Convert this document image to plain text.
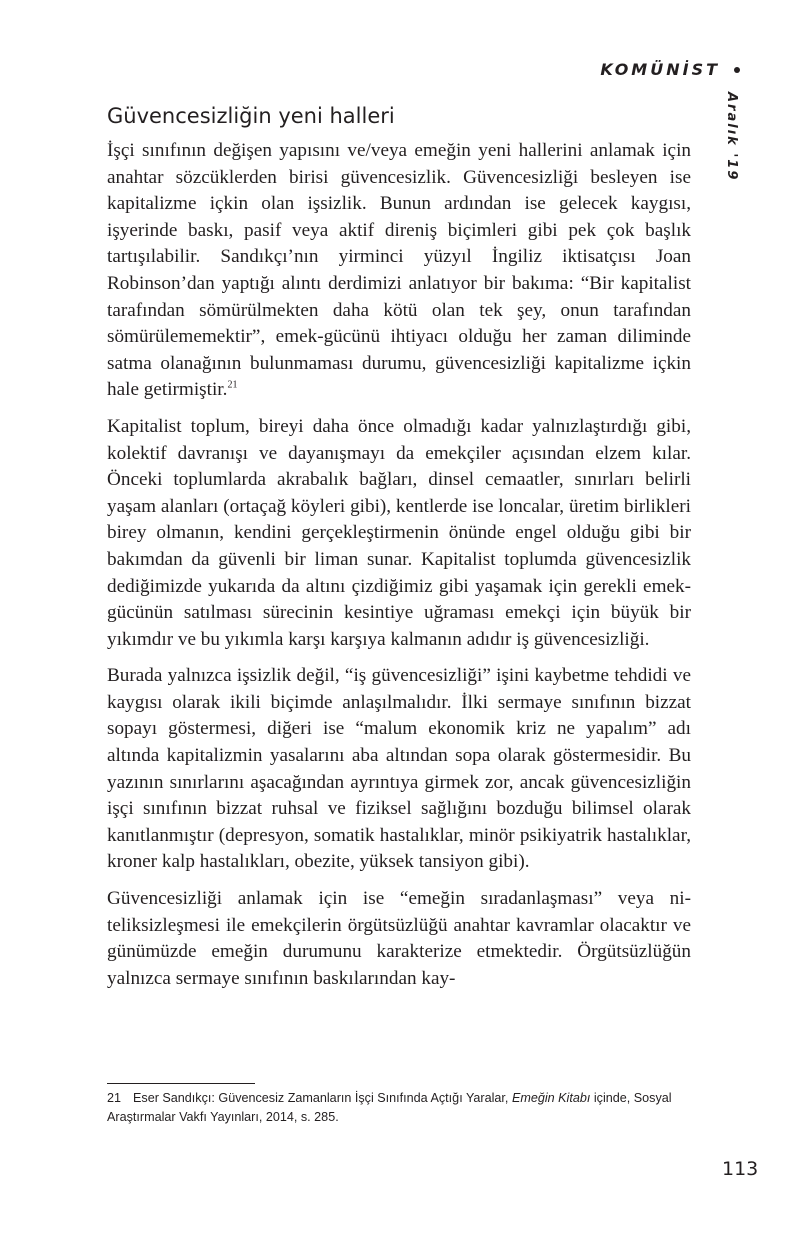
KOMÜNİST
Aralık '19
Güvencesizliğin yeni halleri

İşçi sınıfının değişen yapısını ve/veya emeğin yeni hallerini anlamak için anahtar sözcüklerden birisi güvencesizlik. Güvencesizliği besleyen ise kapitalizme içkin olan işsizlik. Bunun ardından ise gelecek kaygısı, işyerinde baskı, pasif veya aktif direniş biçimleri gibi pek çok başlık tartışılabilir. Sandıkçı’nın yirminci yüzyıl İngiliz iktisatçısı Joan Robinson’dan yaptığı alıntı derdimizi anlatıyor bir bakıma: “Bir kapitalist tarafından sömürülmekten daha kötü olan tek şey, onun tarafından sömürülememektir”, emek-gücünü ihtiyacı olduğu her zaman diliminde satma olanağının bulunmaması durumu, güvencesizliği kapitalizme içkin hale getirmiştir.$^{21}$

Kapitalist toplum, bireyi daha önce olmadığı kadar yalnızlaştırdığı gibi, kolektif davranışı ve dayanışmayı da emekçiler açısından elzem kılar. Önceki toplumlarda akrabalık bağları, dinsel cemaatler, sınırları belirli yaşam alanları (ortaçağ köyleri gibi), kentlerde ise loncalar, üretim birlikleri birey olmanın, kendini gerçekleştirmenin önünde engel olduğu gibi bir bakımdan da güvenli bir liman sunar. Kapitalist toplumda güvencesizlik dediğimizde yukarıda da altını çizdiğimiz gibi yaşamak için gerekli emek-gücünün satılması sürecinin kesintiye uğraması emekçi için büyük bir yıkımdır ve bu yıkımla karşı karşıya kalmanın adıdır iş güvencesizliği.

Burada yalnızca işsizlik değil, “iş güvencesizliği” işini kaybetme tehdidi ve kaygısı olarak ikili biçimde anlaşılmalıdır. İlki sermaye sınıfının bizzat sopayı göstermesi, diğeri ise “malum ekonomik kriz ne yapalım” adı altında kapitalizmin yasalarını aba altından sopa olarak göstermesidir. Bu yazının sınırlarını aşacağından ayrıntıya girmek zor, ancak güvencesizliğin işçi sınıfının bizzat ruhsal ve fiziksel sağlığını bozduğu bilimsel olarak kanıtlanmıştır (depresyon, somatik hastalıklar, minör psikiyatrik hastalıklar, kroner kalp hastalıkları, obezite, yüksek tansiyon gibi).

Güvencesizliği anlamak için ise “emeğin sıradanlaşması” veya niteliksizleşmesi ile emekçilerin örgütsüzlüğü anahtar kavramlar olacaktır ve günümüzde emeğin durumunu karakterize etmektedir. Örgütsüzlüğün yalnızca sermaye sınıfının baskılarından kay-

21 Eser Sandıkçı: Güvencesiz Zamanların İşçi Sınıfında Açtığı Yaralar, Emeğin Kitabı içinde, Sosyal Araştırmalar Vakfı Yayınları, 2014, s. 285.
113
